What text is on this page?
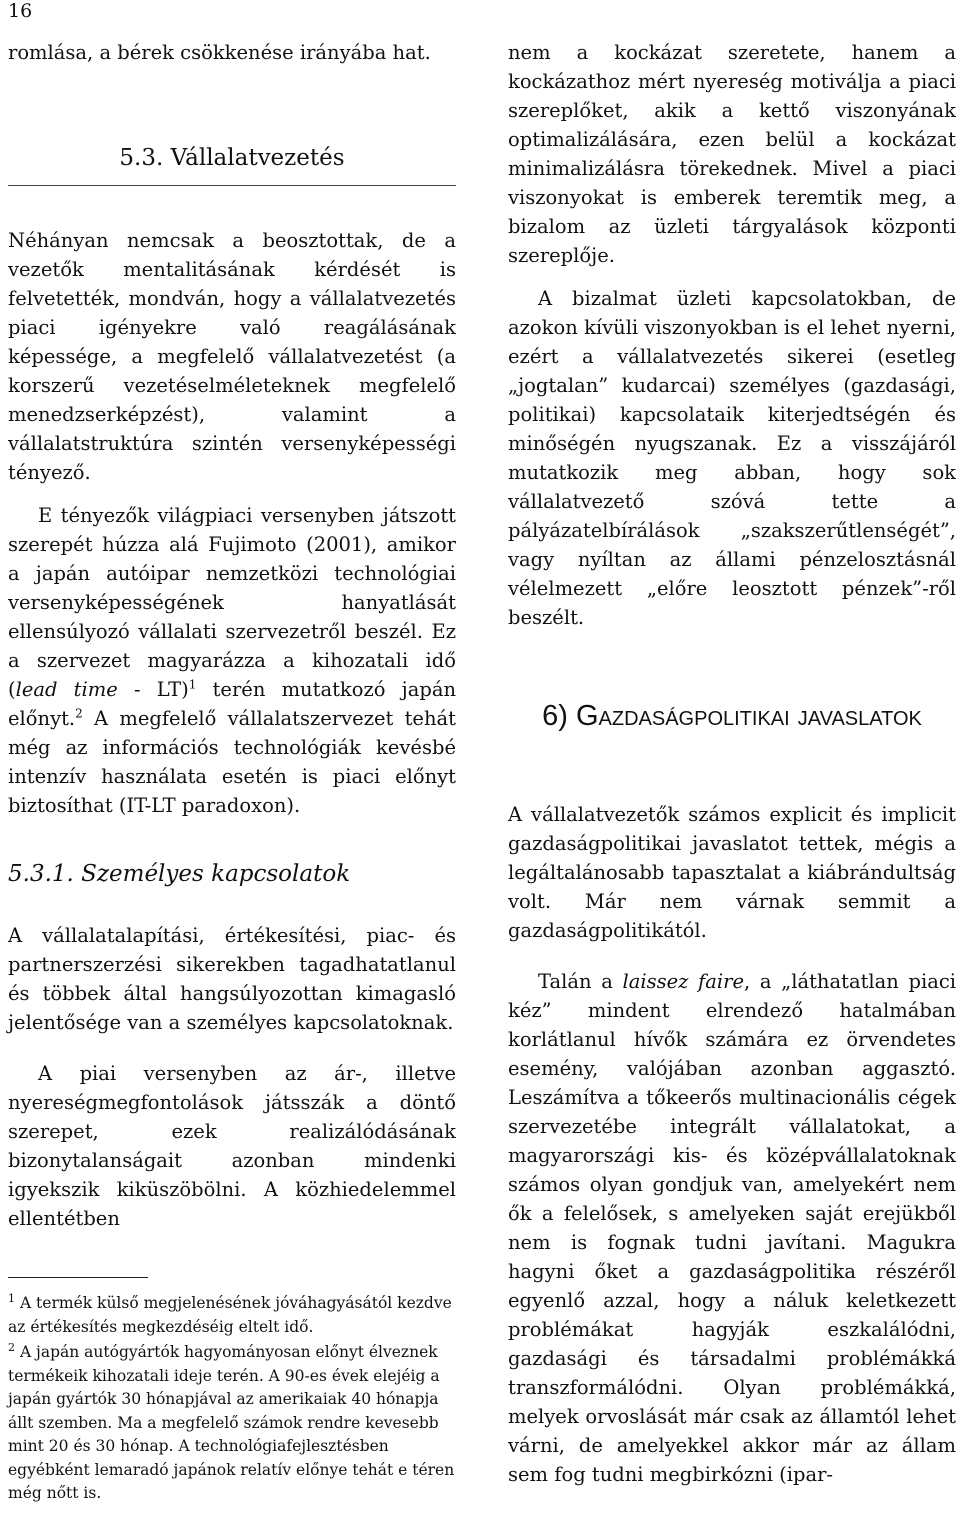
16

romlása, a bérek csökkenése irányába hat.

5.3. Vállalatvezetés

Néhányan nemcsak a beosztottak, de a vezetők mentalitásának kérdését is felvetették, mondván, hogy a vállalatvezetés piaci igényekre való reagálásának képessége, a megfelelő vállalatvezetést (a korszerű vezetéselméleteknek megfelelő menedzserképzést), valamint a vállalatstruktúra szintén versenyképességi tényező.

E tényezők világpiaci versenyben játszott szerepét húzza alá Fujimoto (2001), amikor a japán autóipar nemzetközi technológiai versenyképességének hanyatlását ellensúlyozó vállalati szervezetről beszél. Ez a szervezet magyarázza a kihozatali idő (lead time - LT)$^1$ terén mutatkozó japán előnyt.$^2$ A megfelelő vállalatszervezet tehát még az információs technológiák kevésbé intenzív használata esetén is piaci előnyt biztosíthat (IT-LT paradoxon).

5.3.1. Személyes kapcsolatok

A vállalatalapítási, értékesítési, piac- és partnerszerzési sikerekben tagadhatatlanul és többek által hangsúlyozottan kimagasló jelentősége van a személyes kapcsolatoknak.

A piai versenyben az ár-, illetve nyereségmegfontolások játsszák a döntő szerepet, ezek realizálódásának bizonytalanságait azonban mindenki igyekszik kiküszöbölni. A közhiedelemmel ellentétben

$^1$ A termék külső megjelenésének jóváhagyásától kezdve az értékesítés megkezdéséig eltelt idő.
$^2$ A japán autógyártók hagyományosan előnyt élveznek termékeik kihozatali ideje terén. A 90-es évek elejéig a japán gyártók 30 hónapjával az amerikaiak 40 hónapja állt szemben. Ma a megfelelő számok rendre kevesebb mint 20 és 30 hónap. A technológiafejlesztésben egyébként lemaradó japánok relatív előnye tehát e téren még nőtt is.

nem a kockázat szeretete, hanem a kockázathoz mért nyereség motiválja a piaci szereplőket, akik a kettő viszonyának optimalizálására, ezen belül a kockázat minimalizálásra törekednek. Mivel a piaci viszonyokat is emberek teremtik meg, a bizalom az üzleti tárgyalások központi szereplője.

A bizalmat üzleti kapcsolatokban, de azokon kívüli viszonyokban is el lehet nyerni, ezért a vállalatvezetés sikerei (esetleg „jogtalan” kudarcai) személyes (gazdasági, politikai) kapcsolataik kiterjedtségén és minőségén nyugszanak. Ez a visszájáról mutatkozik meg abban, hogy sok vállalatvezető szóvá tette a pályázatelbírálások „szakszerűtlenségét”, vagy nyíltan az állami pénzelosztásnál vélelmezett „előre leosztott pénzek”-ről beszélt.

6) Gazdaságpolitikai javaslatok

A vállalatvezetők számos explicit és implicit gazdaságpolitikai javaslatot tettek, mégis a legáltalánosabb tapasztalat a kiábrándultság volt. Már nem várnak semmit a gazdaságpolitikától.

Talán a laissez faire, a „láthatatlan piaci kéz” mindent elrendező hatalmában korlátlanul hívők számára ez örvendetes esemény, valójában azonban aggasztó. Leszámítva a tőkeerős multinacionális cégek szervezetébe integrált vállalatokat, a magyarországi kis- és középvállalatoknak számos olyan gondjuk van, amelyekért nem ők a felelősek, s amelyeken saját erejükből nem is fognak tudni javítani. Magukra hagyni őket a gazdaságpolitika részéről egyenlő azzal, hogy a náluk keletkezett problémákat hagyják eszkalálódni, gazdasági és társadalmi problémákká transzformálódni. Olyan problémákká, melyek orvoslását már csak az államtól lehet várni, de amelyekkel akkor már az állam sem fog tudni megbirkózni (ipar-
